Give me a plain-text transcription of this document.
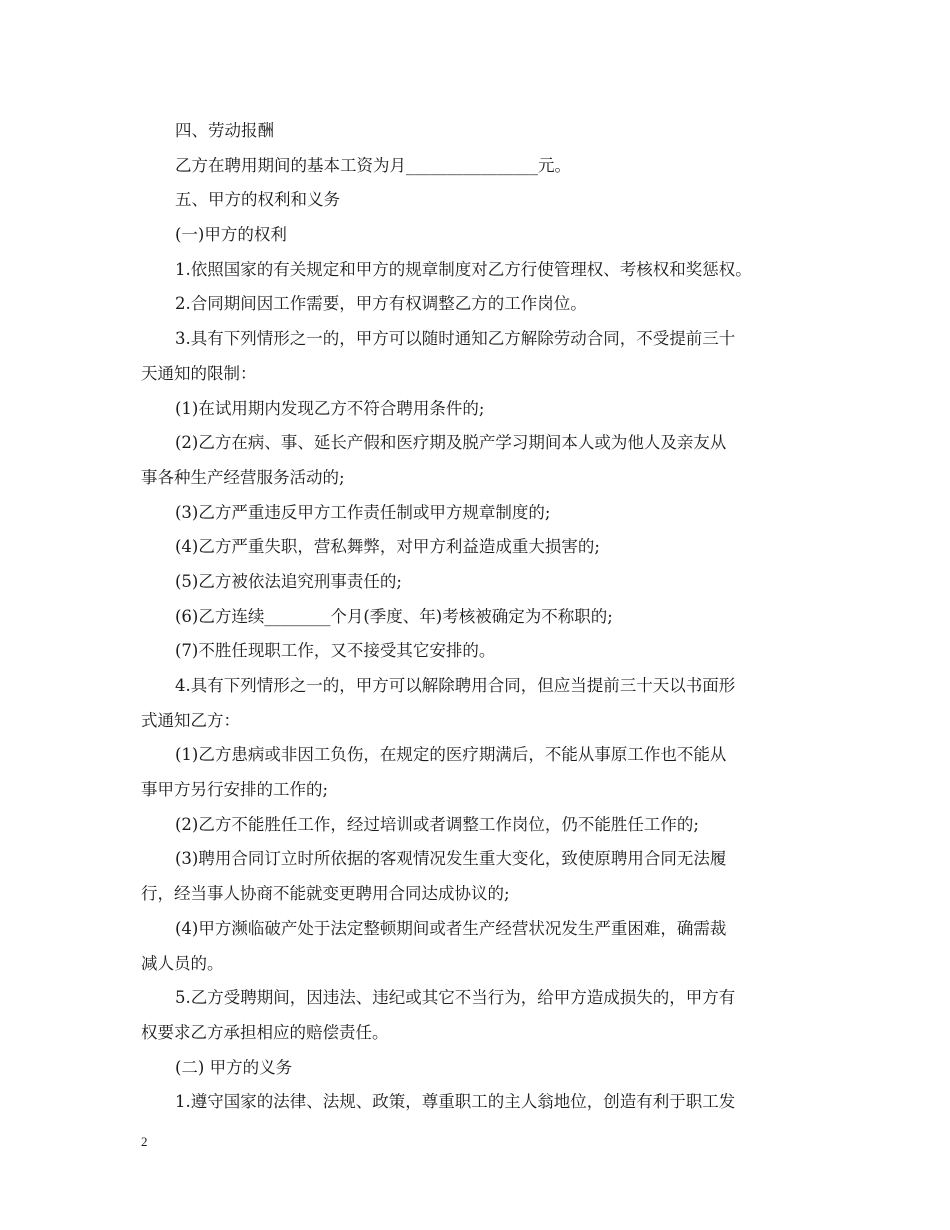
四、劳动报酬
乙方在聘用期间的基本工资为月________________元。
五、甲方的权利和义务
(一)甲方的权利
1.依照国家的有关规定和甲方的规章制度对乙方行使管理权、考核权和奖惩权。
2.合同期间因工作需要，甲方有权调整乙方的工作岗位。
3.具有下列情形之一的，甲方可以随时通知乙方解除劳动合同，不受提前三十
天通知的限制：
(1)在试用期内发现乙方不符合聘用条件的;
(2)乙方在病、事、延长产假和医疗期及脱产学习期间本人或为他人及亲友从
事各种生产经营服务活动的;
(3)乙方严重违反甲方工作责任制或甲方规章制度的;
(4)乙方严重失职，营私舞弊，对甲方利益造成重大损害的;
(5)乙方被依法追究刑事责任的;
(6)乙方连续________个月(季度、年)考核被确定为不称职的;
(7)不胜任现职工作，又不接受其它安排的。
4.具有下列情形之一的，甲方可以解除聘用合同，但应当提前三十天以书面形
式通知乙方：
(1)乙方患病或非因工负伤，在规定的医疗期满后，不能从事原工作也不能从
事甲方另行安排的工作的;
(2)乙方不能胜任工作，经过培训或者调整工作岗位，仍不能胜任工作的;
(3)聘用合同订立时所依据的客观情况发生重大变化，致使原聘用合同无法履
行，经当事人协商不能就变更聘用合同达成协议的;
(4)甲方濒临破产处于法定整顿期间或者生产经营状况发生严重困难，确需裁
减人员的。
5.乙方受聘期间，因违法、违纪或其它不当行为，给甲方造成损失的，甲方有
权要求乙方承担相应的赔偿责任。
(二) 甲方的义务
1.遵守国家的法律、法规、政策，尊重职工的主人翁地位，创造有利于职工发
2
